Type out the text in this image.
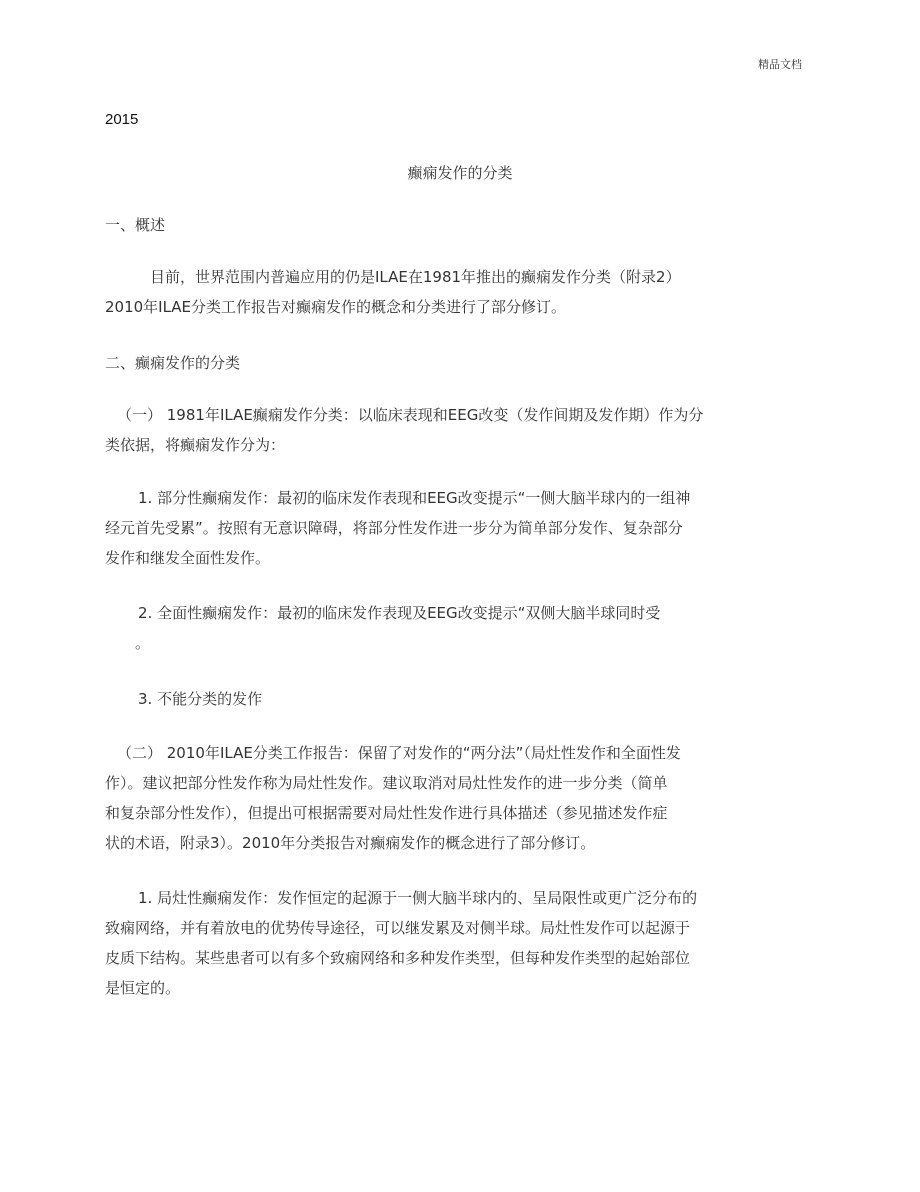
精品文档
2015
癫痫发作的分类
一、概述
目前，世界范围内普遍应用的仍是ILAE在1981年推出的癫痫发作分类（附录2）
2010年ILAE分类工作报告对癫痫发作的概念和分类进行了部分修订。
二、癫痫发作的分类
（一） 1981年ILAE癫痫发作分类：以临床表现和EEG改变（发作间期及发作期）作为分
类依据，将癫痫发作分为：
1. 部分性癫痫发作：最初的临床发作表现和EEG改变提示“一侧大脑半球内的一组神
经元首先受累”。按照有无意识障碍，将部分性发作进一步分为简单部分发作、复杂部分
发作和继发全面性发作。
2. 全面性癫痫发作：最初的临床发作表现及EEG改变提示“双侧大脑半球同时受
。
3. 不能分类的发作
（二） 2010年ILAE分类工作报告：保留了对发作的“两分法”（局灶性发作和全面性发
作）。建议把部分性发作称为局灶性发作。建议取消对局灶性发作的进一步分类（简单
和复杂部分性发作），但提出可根据需要对局灶性发作进行具体描述（参见描述发作症
状的术语，附录3）。2010年分类报告对癫痫发作的概念进行了部分修订。
1. 局灶性癫痫发作：发作恒定的起源于一侧大脑半球内的、呈局限性或更广泛分布的
致痫网络，并有着放电的优势传导途径，可以继发累及对侧半球。局灶性发作可以起源于
皮质下结构。某些患者可以有多个致痫网络和多种发作类型，但每种发作类型的起始部位
是恒定的。
